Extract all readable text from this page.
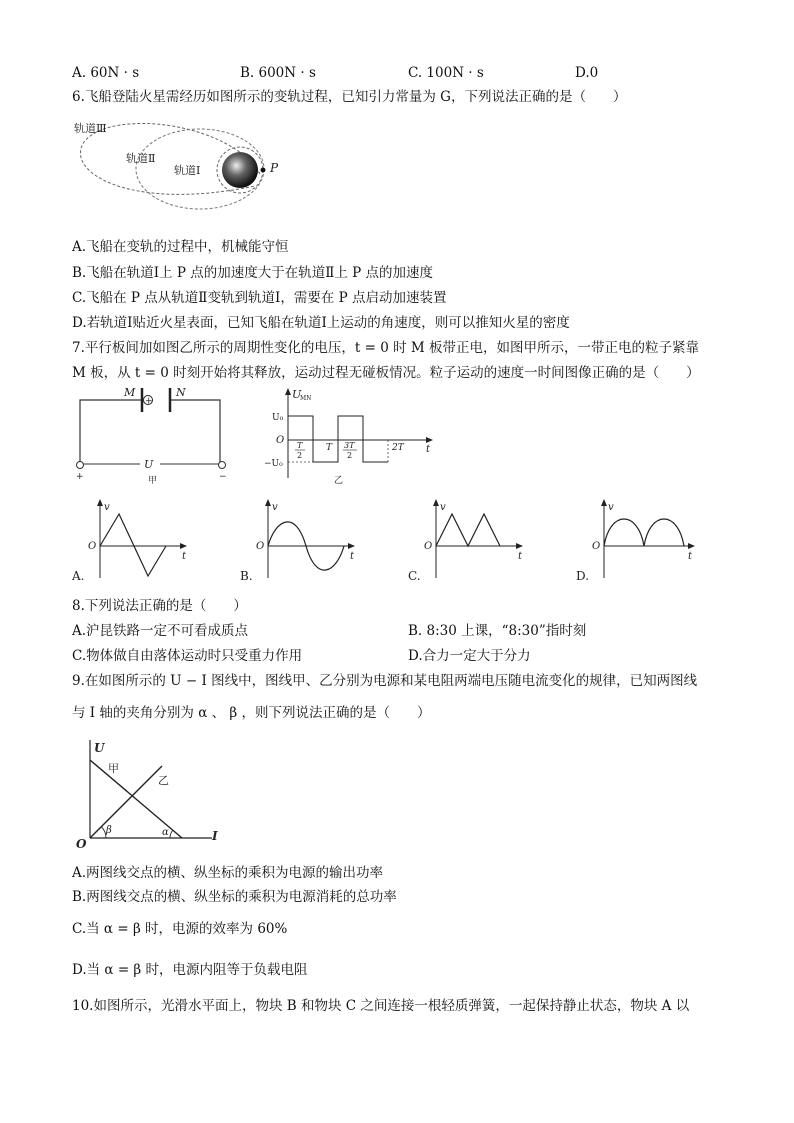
A. 60N · s	B. 600N · s	C. 100N · s	D.0
6.飞船登陆火星需经历如图所示的变轨过程，已知引力常量为 G，下列说法正确的是（　　）
轨道Ⅲ
轨道Ⅱ
轨道Ⅰ	P
A.飞船在变轨的过程中，机械能守恒
B.飞船在轨道Ⅰ上 P 点的加速度大于在轨道Ⅱ上 P 点的加速度
C.飞船在 P 点从轨道Ⅱ变轨到轨道Ⅰ，需要在 P 点启动加速装置
D.若轨道Ⅰ贴近火星表面，已知飞船在轨道Ⅰ上运动的角速度，则可以推知火星的密度
7.平行板间加如图乙所示的周期性变化的电压，t = 0 时 M 板带正电，如图甲所示，一带正电的粒子紧靠
M 板，从 t = 0 时刻开始将其释放，运动过程无碰板情况。粒子运动的速度一时间图像正确的是（　　）
+
M	N
U
+	−
甲
U
MN
U₀
−U₀
O T
2
T 3T
2
2T t
乙
v
O
t
A.
v
O
t
B.
v
O
t
C.
v
O
t
D.
8.下列说法正确的是（　　）
A.沪昆铁路一定不可看成质点	B. 8:30 上课，“8:30”指时刻
C.物体做自由落体运动时只受重力作用	D.合力一定大于分力
9.在如图所示的 U − I 图线中，图线甲、乙分别为电源和某电阻两端电压随电流变化的规律，已知两图线
与 I 轴的夹角分别为 α 、 β ，则下列说法正确的是（　　）
U
O
I
甲
乙
β	α
A.两图线交点的横、纵坐标的乘积为电源的输出功率
B.两图线交点的横、纵坐标的乘积为电源消耗的总功率
C.当 α = β 时，电源的效率为 60%
D.当 α = β 时，电源内阻等于负载电阻
10.如图所示，光滑水平面上，物块 B 和物块 C 之间连接一根轻质弹簧，一起保持静止状态，物块 A 以
